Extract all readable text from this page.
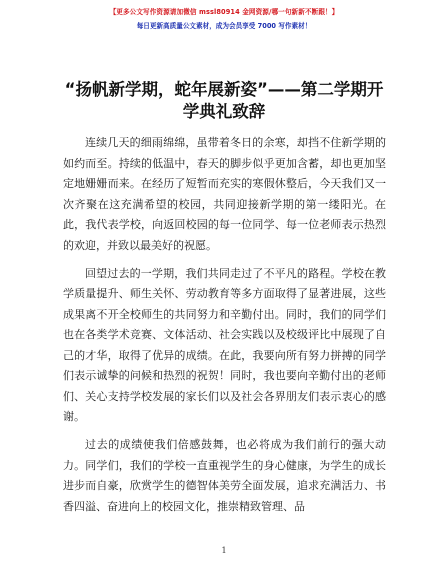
【更多公文写作资源请加微信 mssl80914 金网资源/哪一句新新不断跟！】
每日更新高质量公文素材，成为会员享受 7000 写作素材！
“扬帆新学期，蛇年展新姿”——第二学期开学典礼致辞

连续几天的细雨绵绵，虽带着冬日的余寒，却挡不住新学期的如约而至。持续的低温中，春天的脚步似乎更加含蓄，却也更加坚定地姗姗而来。在经历了短暂而充实的寒假休整后，今天我们又一次齐聚在这充满希望的校园，共同迎接新学期的第一缕阳光。在此，我代表学校，向返回校园的每一位同学、每一位老师表示热烈的欢迎，并致以最美好的祝愿。

回望过去的一学期，我们共同走过了不平凡的路程。学校在教学质量提升、师生关怀、劳动教育等多方面取得了显著进展，这些成果离不开全校师生的共同努力和辛勤付出。同时，我们的同学们也在各类学术竞赛、文体活动、社会实践以及校级评比中展现了自己的才华，取得了优异的成绩。在此，我要向所有努力拼搏的同学们表示诚挚的问候和热烈的祝贺！同时，我也要向辛勤付出的老师们、关心支持学校发展的家长们以及社会各界朋友们表示衷心的感谢。

过去的成绩使我们倍感鼓舞，也必将成为我们前行的强大动力。同学们，我们的学校一直重视学生的身心健康，为学生的成长进步而自豪，欣赏学生的德智体美劳全面发展，追求充满活力、书香四溢、奋进向上的校园文化，推崇精致管理、品

1
